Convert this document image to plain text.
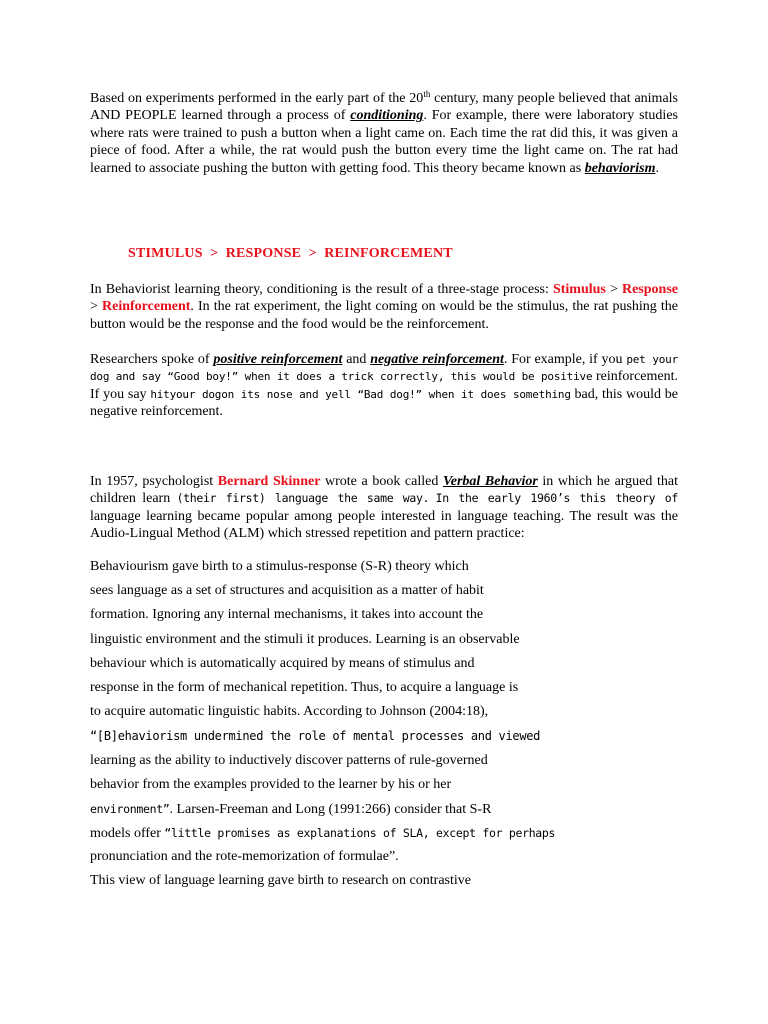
Based on experiments performed in the early part of the 20th century, many people believed that animals AND PEOPLE learned through a process of conditioning. For example, there were laboratory studies where rats were trained to push a button when a light came on. Each time the rat did this, it was given a piece of food. After a while, the rat would push the button every time the light came on. The rat had learned to associate pushing the button with getting food. This theory became known as behaviorism.

STIMULUS  >  RESPONSE  >  REINFORCEMENT

In Behaviorist learning theory, conditioning is the result of a three-stage process: Stimulus > Response > Reinforcement. In the rat experiment, the light coming on would be the stimulus, the rat pushing the button would be the response and the food would be the reinforcement.

Researchers spoke of positive reinforcement and negative reinforcement. For example, if you pet your dog and say “Good boy!” when it does a trick correctly, this would be positive reinforcement. If you say hityour dogon its nose and yell “Bad dog!” when it does something bad, this would be negative reinforcement.

In 1957, psychologist Bernard Skinner wrote a book called Verbal Behavior in which he argued that children learn (their first) language the same way. In the early 1960’s this theory of language learning became popular among people interested in language teaching. The result was the Audio-Lingual Method (ALM) which stressed repetition and pattern practice:

Behaviourism gave birth to a stimulus-response (S-R) theory which
sees language as a set of structures and acquisition as a matter of habit
formation. Ignoring any internal mechanisms, it takes into account the
linguistic environment and the stimuli it produces. Learning is an observable
behaviour which is automatically acquired by means of stimulus and
response in the form of mechanical repetition. Thus, to acquire a language is
to acquire automatic linguistic habits. According to Johnson (2004:18),
“[B]ehaviorism undermined the role of mental processes and viewed
learning as the ability to inductively discover patterns of rule-governed
behavior from the examples provided to the learner by his or her
environment”. Larsen-Freeman and Long (1991:266) consider that S-R
models offer “little promises as explanations of SLA, except for perhaps
pronunciation and the rote-memorization of formulae”.
This view of language learning gave birth to research on contrastive
